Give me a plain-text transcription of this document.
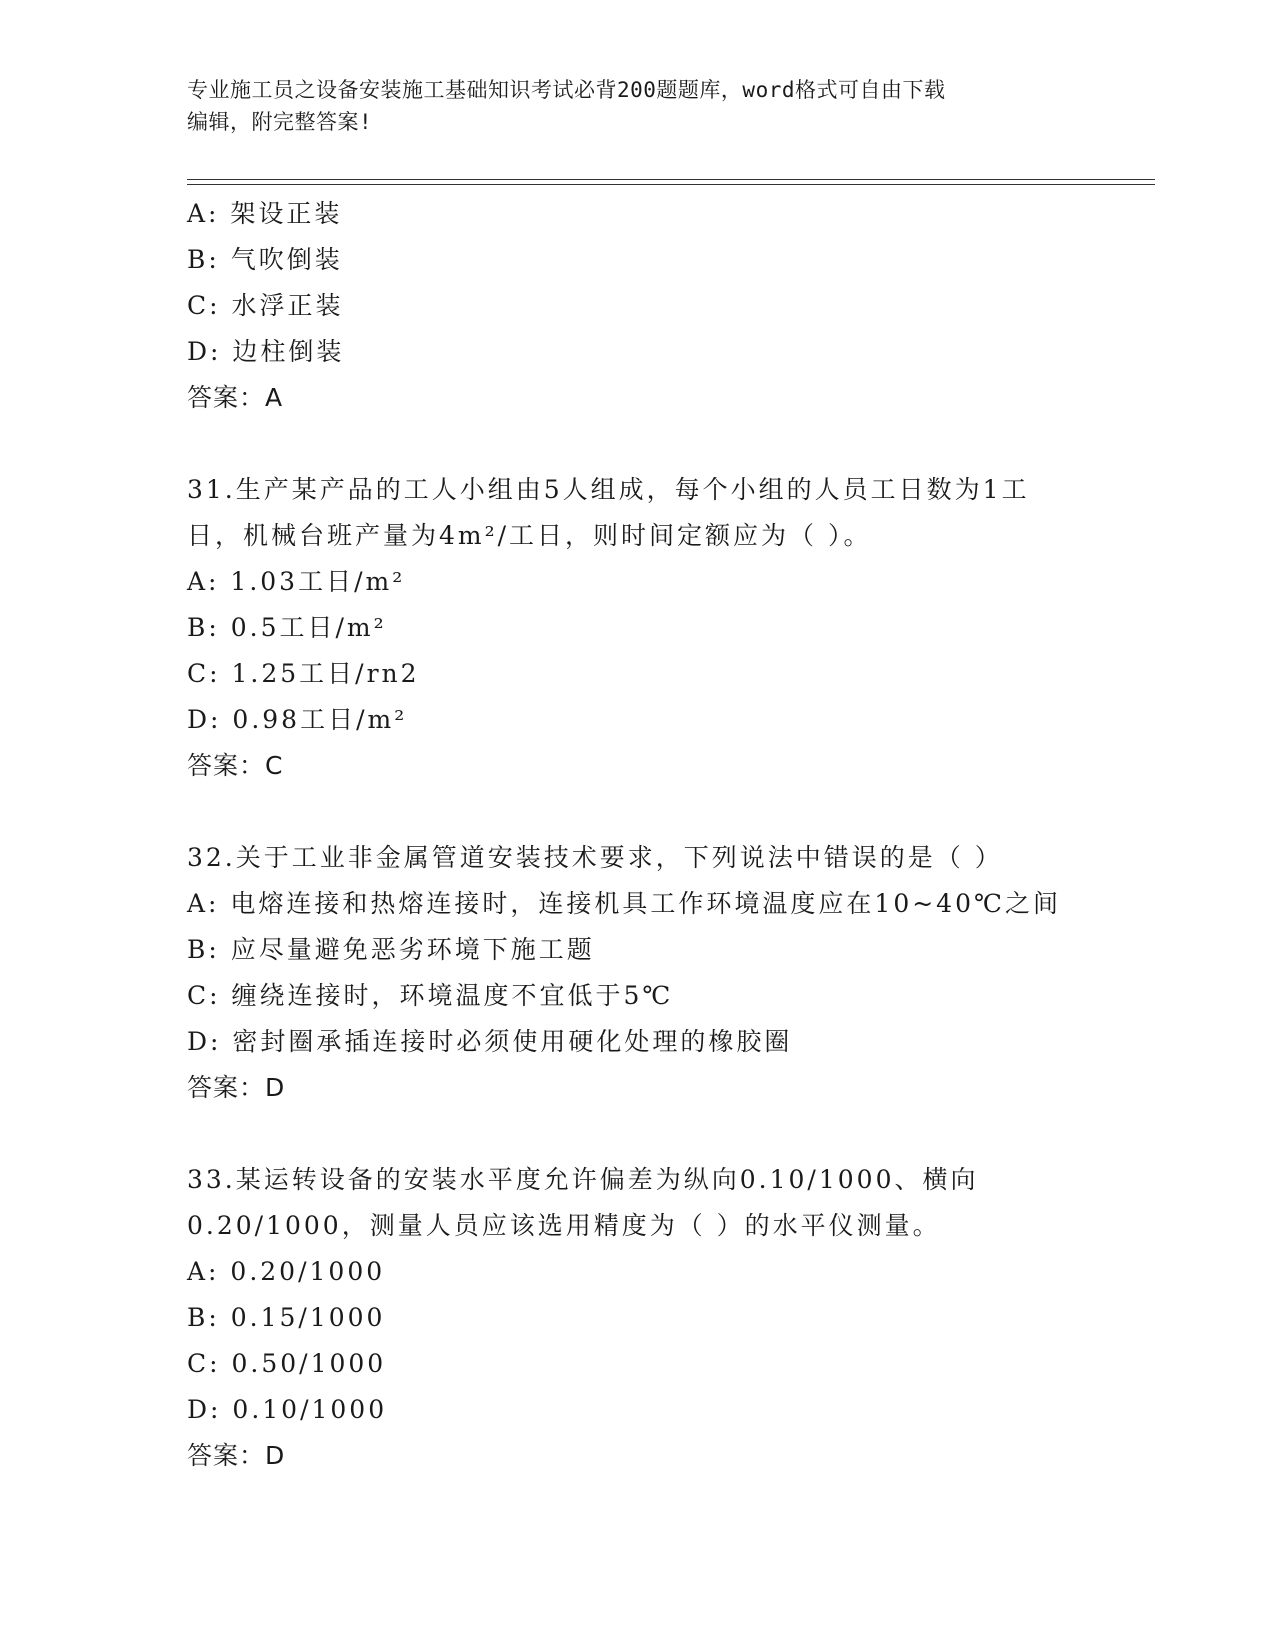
专业施工员之设备安装施工基础知识考试必背200题题库，word格式可自由下载
编辑，附完整答案!
A: 架设正装
B: 气吹倒装
C: 水浮正装
D: 边柱倒装
答案：A
31.生产某产品的工人小组由5人组成，每个小组的人员工日数为1工
日，机械台班产量为4m²/工日，则时间定额应为（ ）。
A: 1.03工日/m²
B: 0.5工日/m²
C: 1.25工日/rn2
D: 0.98工日/m²
答案：C
32.关于工业非金属管道安装技术要求，下列说法中错误的是（ ）
A: 电熔连接和热熔连接时，连接机具工作环境温度应在10~40℃之间
B: 应尽量避免恶劣环境下施工题
C: 缠绕连接时，环境温度不宜低于5℃
D: 密封圈承插连接时必须使用硬化处理的橡胶圈
答案：D
33.某运转设备的安装水平度允许偏差为纵向0.10/1000、横向
0.20/1000，测量人员应该选用精度为（ ）的水平仪测量。
A: 0.20/1000
B: 0.15/1000
C: 0.50/1000
D: 0.10/1000
答案：D
